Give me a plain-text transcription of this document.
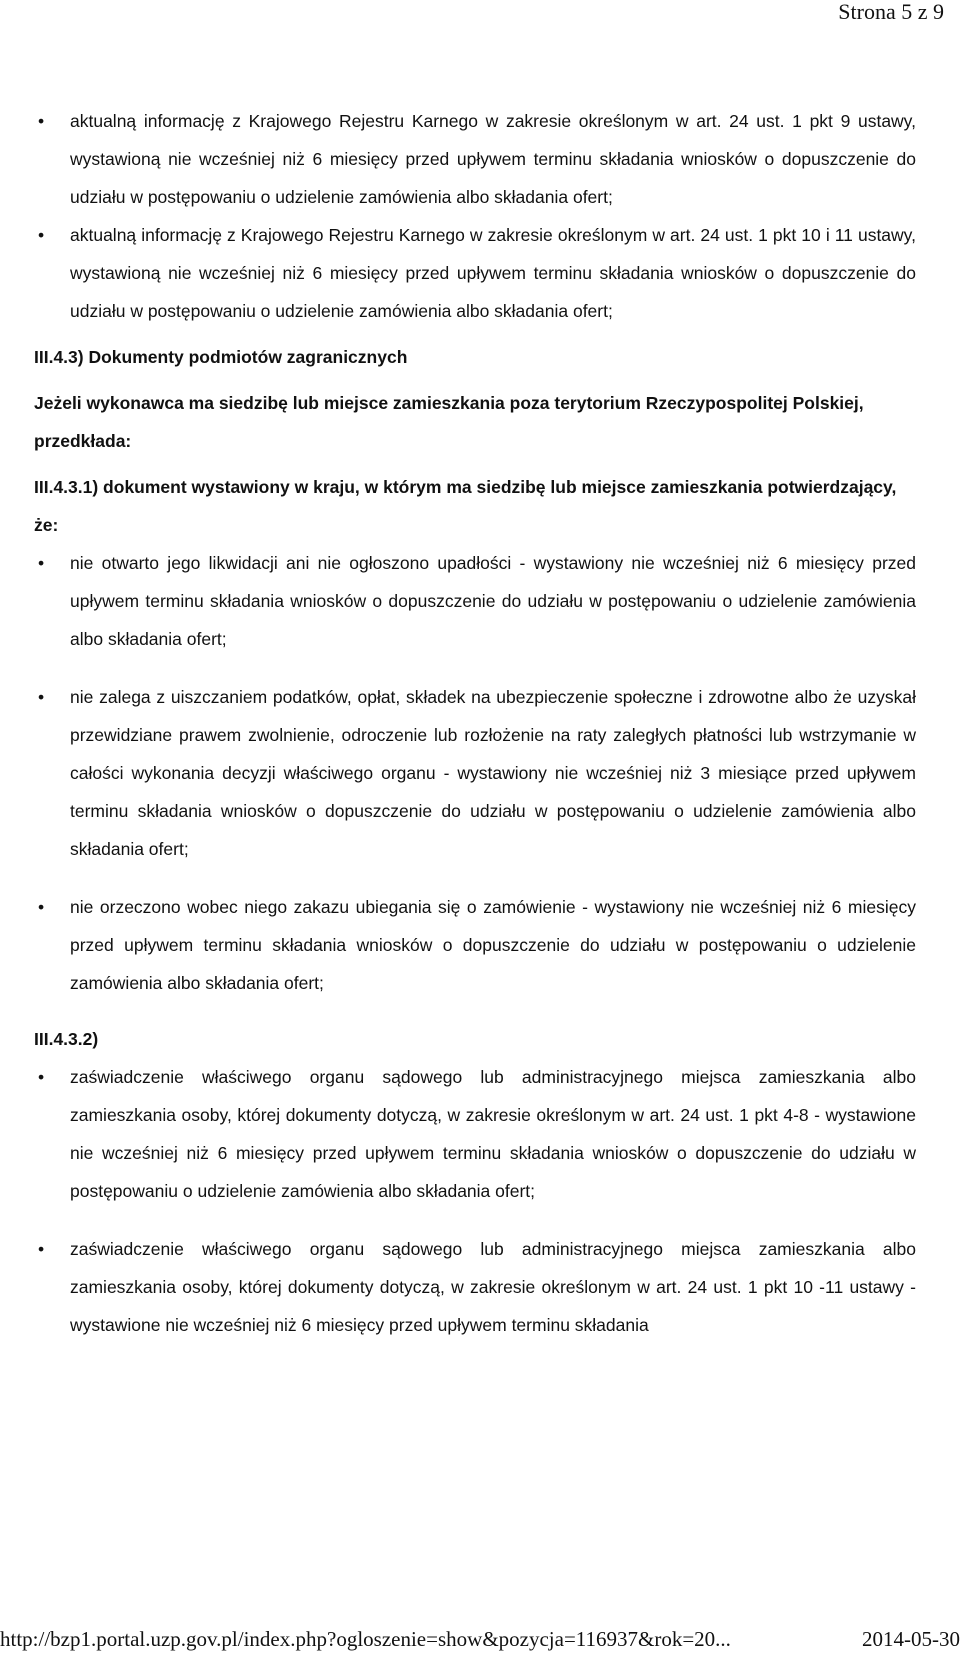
Strona 5 z 9
• aktualną informację z Krajowego Rejestru Karnego w zakresie określonym w art. 24 ust. 1 pkt 9 ustawy, wystawioną nie wcześniej niż 6 miesięcy przed upływem terminu składania wniosków o dopuszczenie do udziału w postępowaniu o udzielenie zamówienia albo składania ofert;
• aktualną informację z Krajowego Rejestru Karnego w zakresie określonym w art. 24 ust. 1 pkt 10 i 11 ustawy, wystawioną nie wcześniej niż 6 miesięcy przed upływem terminu składania wniosków o dopuszczenie do udziału w postępowaniu o udzielenie zamówienia albo składania ofert;
III.4.3) Dokumenty podmiotów zagranicznych
Jeżeli wykonawca ma siedzibę lub miejsce zamieszkania poza terytorium Rzeczypospolitej Polskiej, przedkłada:
III.4.3.1) dokument wystawiony w kraju, w którym ma siedzibę lub miejsce zamieszkania potwierdzający, że:
• nie otwarto jego likwidacji ani nie ogłoszono upadłości - wystawiony nie wcześniej niż 6 miesięcy przed upływem terminu składania wniosków o dopuszczenie do udziału w postępowaniu o udzielenie zamówienia albo składania ofert;
• nie zalega z uiszczaniem podatków, opłat, składek na ubezpieczenie społeczne i zdrowotne albo że uzyskał przewidziane prawem zwolnienie, odroczenie lub rozłożenie na raty zaległych płatności lub wstrzymanie w całości wykonania decyzji właściwego organu - wystawiony nie wcześniej niż 3 miesiące przed upływem terminu składania wniosków o dopuszczenie do udziału w postępowaniu o udzielenie zamówienia albo składania ofert;
• nie orzeczono wobec niego zakazu ubiegania się o zamówienie - wystawiony nie wcześniej niż 6 miesięcy przed upływem terminu składania wniosków o dopuszczenie do udziału w postępowaniu o udzielenie zamówienia albo składania ofert;
III.4.3.2)
• zaświadczenie właściwego organu sądowego lub administracyjnego miejsca zamieszkania albo zamieszkania osoby, której dokumenty dotyczą, w zakresie określonym w art. 24 ust. 1 pkt 4-8 - wystawione nie wcześniej niż 6 miesięcy przed upływem terminu składania wniosków o dopuszczenie do udziału w postępowaniu o udzielenie zamówienia albo składania ofert;
• zaświadczenie właściwego organu sądowego lub administracyjnego miejsca zamieszkania albo zamieszkania osoby, której dokumenty dotyczą, w zakresie określonym w art. 24 ust. 1 pkt 10 -11 ustawy - wystawione nie wcześniej niż 6 miesięcy przed upływem terminu składania
http://bzp1.portal.uzp.gov.pl/index.php?ogloszenie=show&pozycja=116937&rok=20...	2014-05-30
